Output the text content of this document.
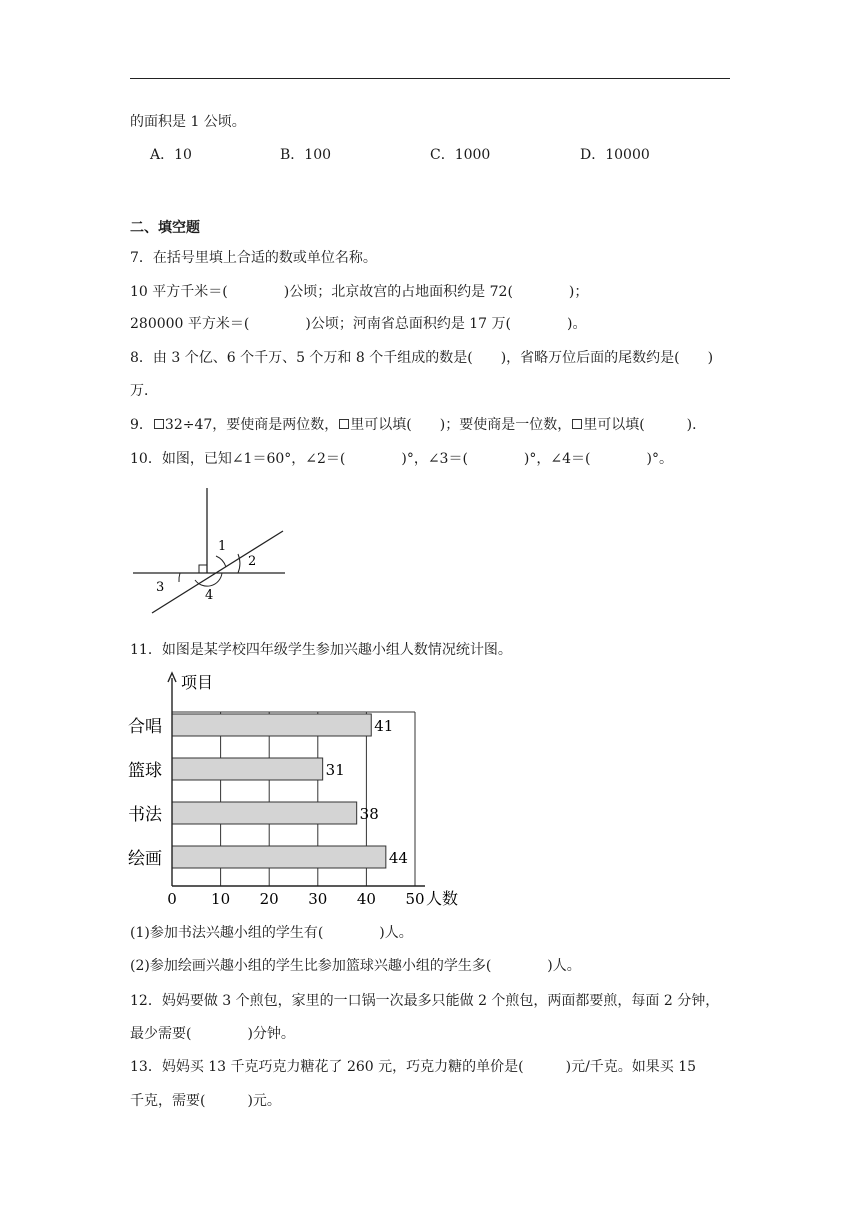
的面积是 1 公顷。
A．10	B．100	C．1000	D．10000
二、填空题
7．在括号里填上合适的数或单位名称。
10 平方千米＝(　　　　)公顷；北京故宫的占地面积约是 72(　　　　)；
280000 平方米＝(　　　　)公顷；河南省总面积约是 17 万(　　　　)。
8．由 3 个亿、6 个千万、5 个万和 8 个千组成的数是(　　)，省略万位后面的尾数约是(　　)
万．
9． 32÷47，要使商是两位数， 里可以填(　　)；要使商是一位数， 里可以填(　　　)．
10．如图，已知∠1＝60°，∠2＝(　　　　)°，∠3＝(　　　　)°，∠4＝(　　　　)°。
1
2
3
4
11．如图是某学校四年级学生参加兴趣小组人数情况统计图。
项目
人数
合唱
篮球
书法
绘画
41
31
38
44
0 10 20 30 40 50
(1)参加书法兴趣小组的学生有(　　　　)人。
(2)参加绘画兴趣小组的学生比参加篮球兴趣小组的学生多(　　　　)人。
12．妈妈要做 3 个煎包，家里的一口锅一次最多只能做 2 个煎包，两面都要煎，每面 2 分钟，
最少需要(　　　　)分钟。
13．妈妈买 13 千克巧克力糖花了 260 元，巧克力糖的单价是(　　　)元/千克。如果买 15
千克，需要(　　　)元。
